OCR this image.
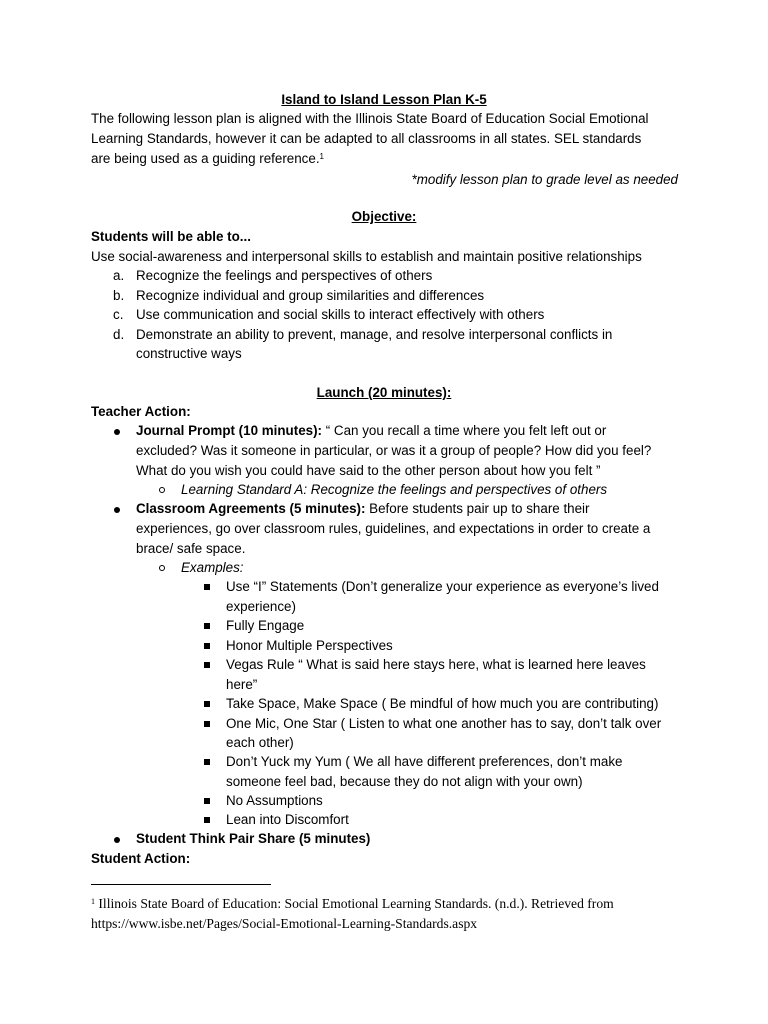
Island to Island Lesson Plan K-5
The following lesson plan is aligned with the Illinois State Board of Education Social Emotional
Learning Standards, however it can be adapted to all classrooms in all states. SEL standards
are being used as a guiding reference.$^1$
*modify lesson plan to grade level as needed
Objective:
Students will be able to...
Use social-awareness and interpersonal skills to establish and maintain positive relationships
a. Recognize the feelings and perspectives of others
b. Recognize individual and group similarities and differences
c. Use communication and social skills to interact effectively with others
d. Demonstrate an ability to prevent, manage, and resolve interpersonal conflicts in
constructive ways
Launch (20 minutes):
Teacher Action:
Journal Prompt (10 minutes): “ Can you recall a time where you felt left out or
excluded? Was it someone in particular, or was it a group of people? How did you feel?
What do you wish you could have said to the other person about how you felt ”
Learning Standard A: Recognize the feelings and perspectives of others
Classroom Agreements (5 minutes): Before students pair up to share their
experiences, go over classroom rules, guidelines, and expectations in order to create a
brace/ safe space.
Examples:
Use “I” Statements (Don’t generalize your experience as everyone’s lived
experience)
Fully Engage
Honor Multiple Perspectives
Vegas Rule “ What is said here stays here, what is learned here leaves
here”
Take Space, Make Space ( Be mindful of how much you are contributing)
One Mic, One Star ( Listen to what one another has to say, don’t talk over
each other)
Don’t Yuck my Yum ( We all have different preferences, don’t make
someone feel bad, because they do not align with your own)
No Assumptions
Lean into Discomfort
Student Think Pair Share (5 minutes)
Student Action:
$^1$ Illinois State Board of Education: Social Emotional Learning Standards. (n.d.). Retrieved from
https://www.isbe.net/Pages/Social-Emotional-Learning-Standards.aspx
